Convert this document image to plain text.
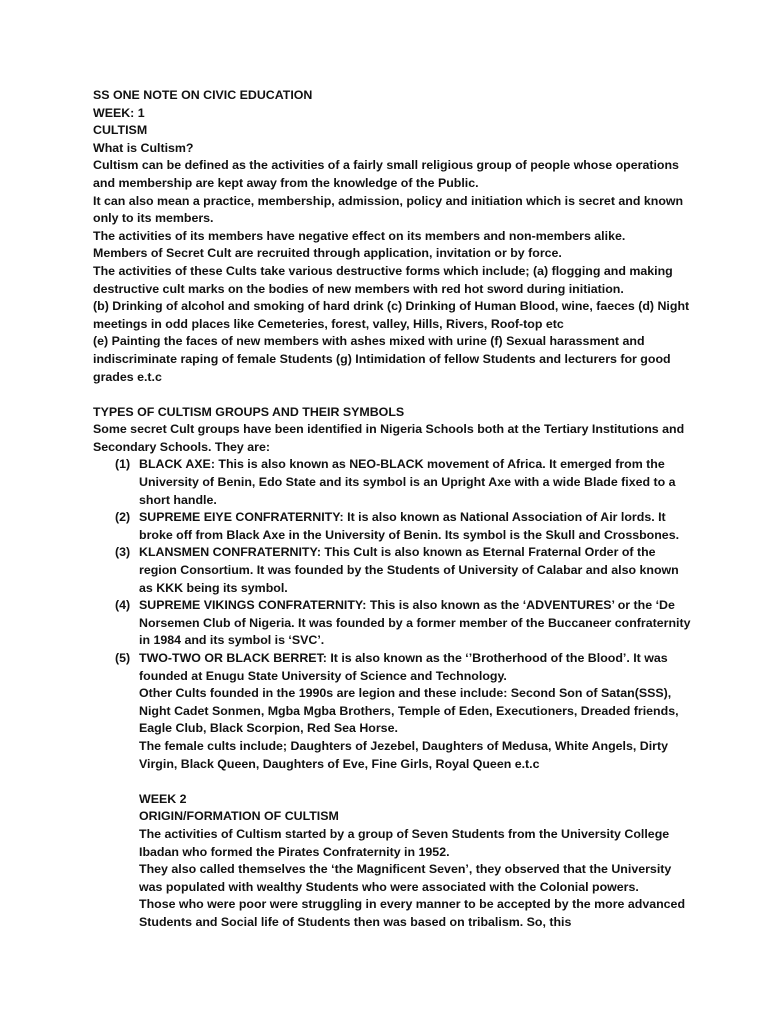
SS ONE NOTE ON CIVIC EDUCATION

WEEK: 1

CULTISM

What is Cultism?

Cultism can be defined as the activities of a fairly small religious group of people whose operations and membership are kept away from the knowledge of the Public.

It can also mean a practice, membership, admission, policy and initiation which is secret and known only to its members.

The activities of its members have negative effect on its members and non-members alike.

Members of Secret Cult are recruited through application, invitation or by force.

The activities of these Cults take various destructive forms which include; (a) flogging and making destructive cult marks on the bodies of new members with red hot sword during initiation.

(b) Drinking of alcohol and smoking of hard drink (c) Drinking of Human Blood, wine, faeces (d) Night meetings in odd places like Cemeteries, forest, valley, Hills, Rivers, Roof-top etc

(e) Painting the faces of new members with ashes mixed with urine (f) Sexual harassment and indiscriminate raping of female Students (g) Intimidation of fellow Students and lecturers for good grades e.t.c

TYPES OF CULTISM GROUPS AND THEIR SYMBOLS

Some secret Cult groups have been identified in Nigeria Schools both at the Tertiary Institutions and Secondary Schools. They are:

(1) BLACK AXE: This is also known as NEO-BLACK movement of Africa. It emerged from the University of Benin, Edo State and its symbol is an Upright Axe with a wide Blade fixed to a short handle.
(2) SUPREME EIYE CONFRATERNITY: It is also known as National Association of Air lords. It broke off from Black Axe in the University of Benin. Its symbol is the Skull and Crossbones.
(3) KLANSMEN CONFRATERNITY: This Cult is also known as Eternal Fraternal Order of the region Consortium. It was founded by the Students of University of Calabar and also known as KKK being its symbol.
(4) SUPREME VIKINGS CONFRATERNITY: This is also known as the ‘ADVENTURES’ or the ‘De Norsemen Club of Nigeria. It was founded by a former member of the Buccaneer confraternity in 1984 and its symbol is ‘SVC’.
(5) TWO-TWO OR BLACK BERRET: It is also known as the ‘’Brotherhood of the Blood’. It was founded at Enugu State University of Science and Technology.

Other Cults founded in the 1990s are legion and these include: Second Son of Satan(SSS), Night Cadet Sonmen, Mgba Mgba Brothers, Temple of Eden, Executioners, Dreaded friends, Eagle Club, Black Scorpion, Red Sea Horse.

The female cults include; Daughters of Jezebel, Daughters of Medusa, White Angels, Dirty Virgin, Black Queen, Daughters of Eve, Fine Girls, Royal Queen e.t.c

WEEK 2

ORIGIN/FORMATION OF CULTISM

The activities of Cultism started by a group of Seven Students from the University College Ibadan who formed the Pirates Confraternity in 1952.

They also called themselves the ‘the Magnificent Seven’, they observed that the University was populated with wealthy Students who were associated with the Colonial powers.

Those who were poor were struggling in every manner to be accepted by the more advanced Students and Social life of Students then was based on tribalism. So, this
